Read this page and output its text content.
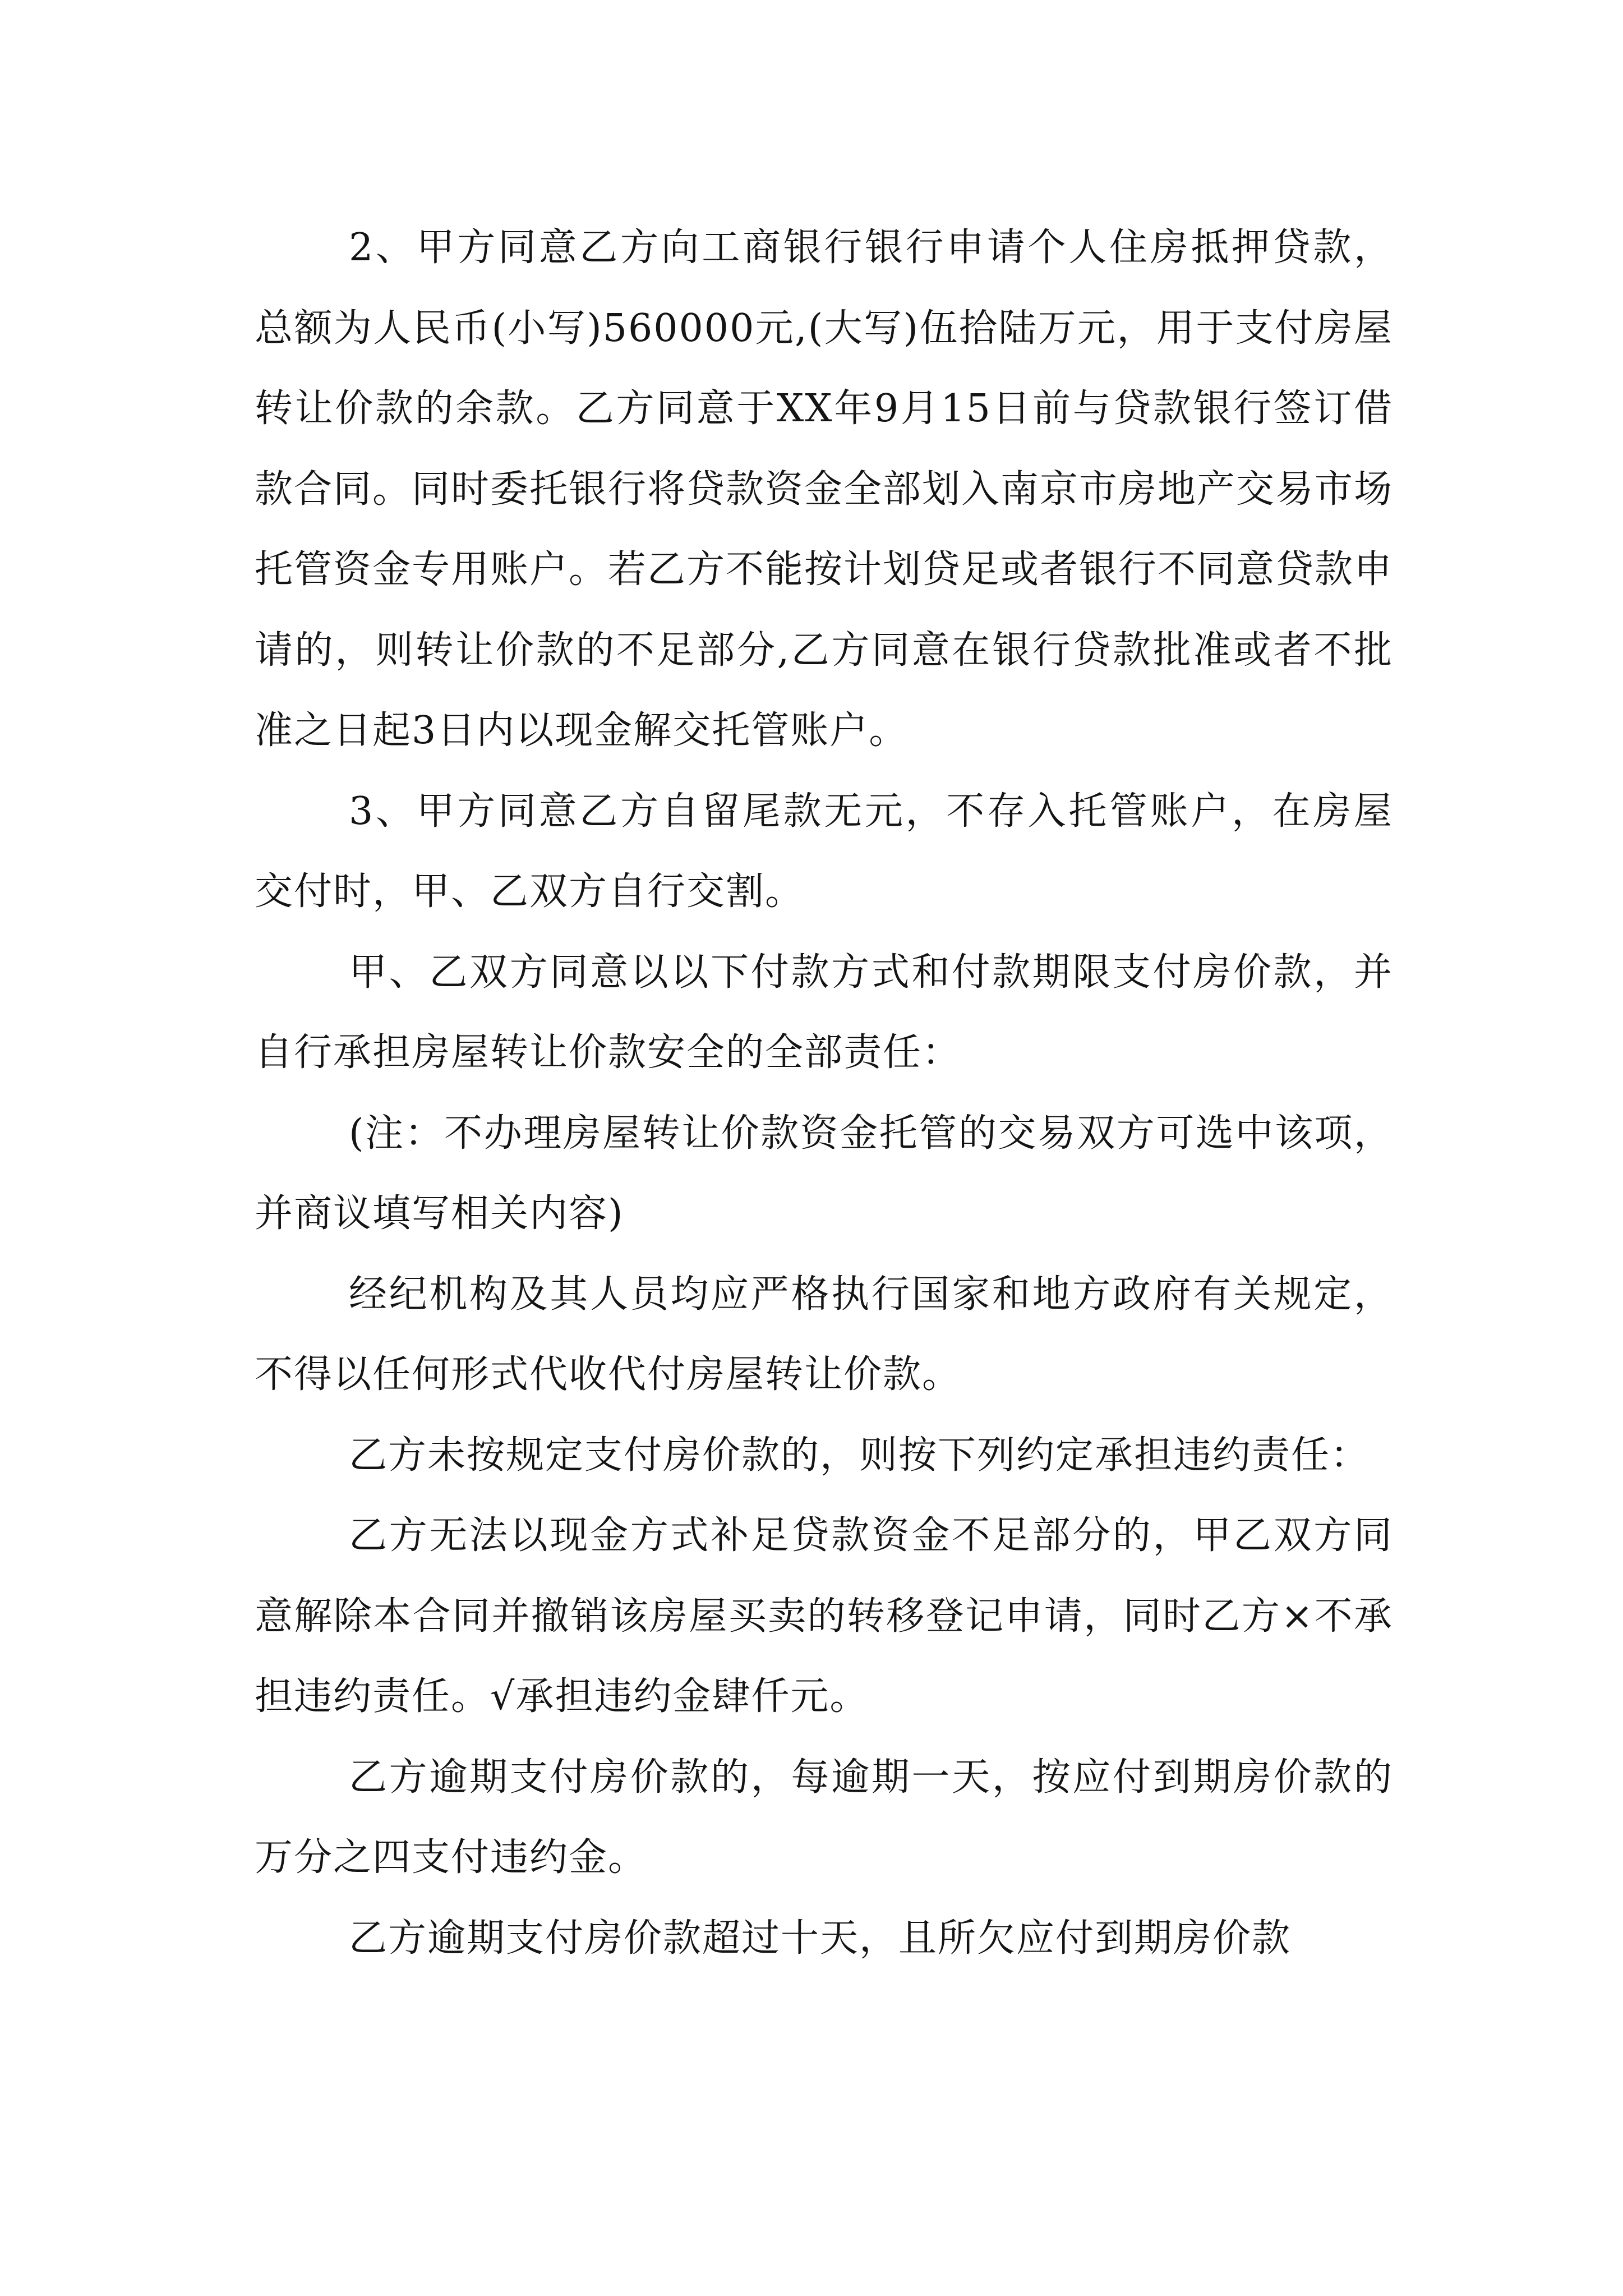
2、甲方同意乙方向工商银行银行申请个人住房抵押贷款，总额为人民币(小写)560000元,(大写)伍拾陆万元，用于支付房屋转让价款的余款。乙方同意于XX年9月15日前与贷款银行签订借款合同。同时委托银行将贷款资金全部划入南京市房地产交易市场托管资金专用账户。若乙方不能按计划贷足或者银行不同意贷款申请的，则转让价款的不足部分,乙方同意在银行贷款批准或者不批准之日起3日内以现金解交托管账户。

3、甲方同意乙方自留尾款无元，不存入托管账户，在房屋交付时，甲、乙双方自行交割。

甲、乙双方同意以以下付款方式和付款期限支付房价款，并自行承担房屋转让价款安全的全部责任：

(注：不办理房屋转让价款资金托管的交易双方可选中该项，并商议填写相关内容)

经纪机构及其人员均应严格执行国家和地方政府有关规定，不得以任何形式代收代付房屋转让价款。

乙方未按规定支付房价款的，则按下列约定承担违约责任：

乙方无法以现金方式补足贷款资金不足部分的，甲乙双方同意解除本合同并撤销该房屋买卖的转移登记申请，同时乙方×不承担违约责任。√承担违约金肆仟元。

乙方逾期支付房价款的，每逾期一天，按应付到期房价款的万分之四支付违约金。

乙方逾期支付房价款超过十天，且所欠应付到期房价款
